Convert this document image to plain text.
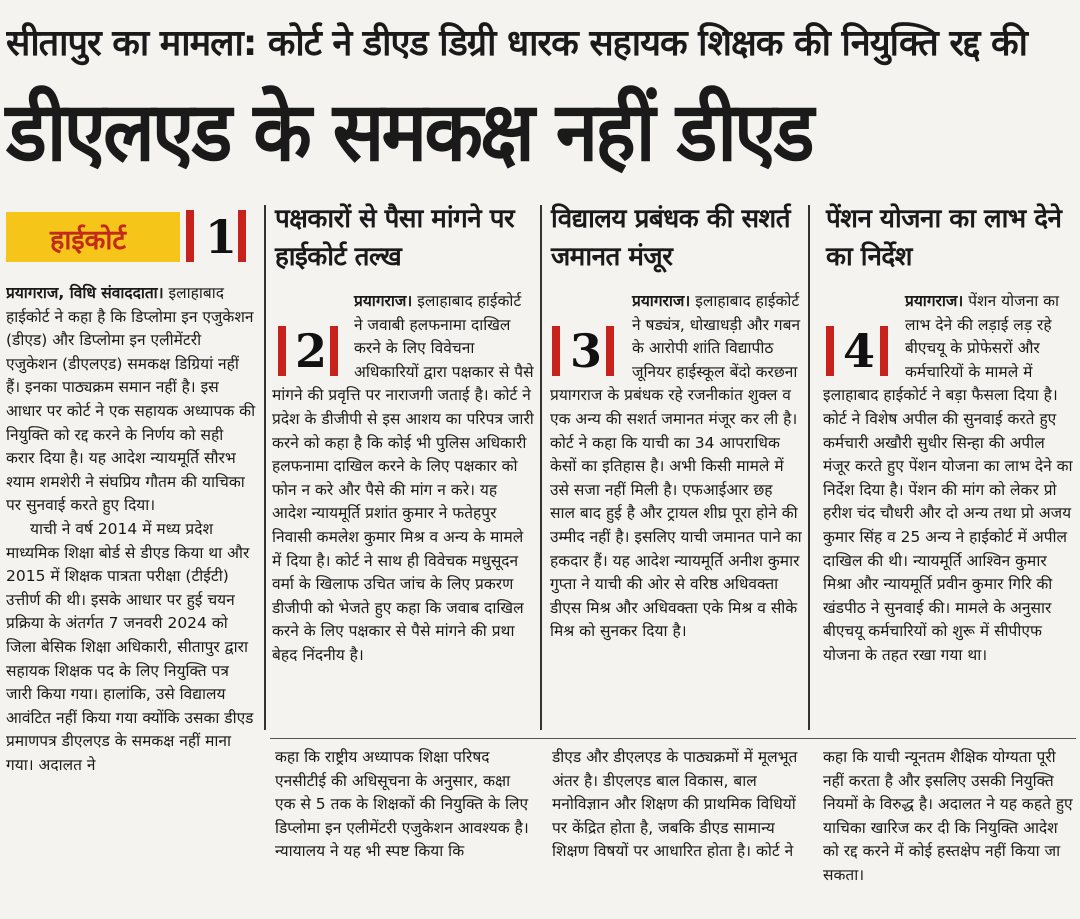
सीतापुर का मामला: कोर्ट ने डीएड डिग्री धारक सहायक शिक्षक की नियुक्ति रद्द की
डीएलएड के समकक्ष नहीं डीएड
हाईकोर्ट 1

प्रयागराज, विधि संवाददाता। इलाहाबाद हाईकोर्ट ने कहा है कि डिप्लोमा इन एजुकेशन (डीएड) और डिप्लोमा इन एलीमेंटरी एजुकेशन (डीएलएड) समकक्ष डिग्रियां नहीं हैं। इनका पाठ्यक्रम समान नहीं है। इस आधार पर कोर्ट ने एक सहायक अध्यापक की नियुक्ति को रद्द करने के निर्णय को सही करार दिया है। यह आदेश न्यायमूर्ति सौरभ श्याम शमशेरी ने संघप्रिय गौतम की याचिका पर सुनवाई करते हुए दिया।

याची ने वर्ष 2014 में मध्य प्रदेश माध्यमिक शिक्षा बोर्ड से डीएड किया था और 2015 में शिक्षक पात्रता परीक्षा (टीईटी) उत्तीर्ण की थी। इसके आधार पर हुई चयन प्रक्रिया के अंतर्गत 7 जनवरी 2024 को जिला बेसिक शिक्षा अधिकारी, सीतापुर द्वारा सहायक शिक्षक पद के लिए नियुक्ति पत्र जारी किया गया। हालांकि, उसे विद्यालय आवंटित नहीं किया गया क्योंकि उसका डीएड प्रमाणपत्र डीएलएड के समकक्ष नहीं माना गया। अदालत ने

पक्षकारों से पैसा मांगने पर हाईकोर्ट तल्ख

प्रयागराज। इलाहाबाद हाईकोर्ट ने जवाबी हलफनामा दाखिल करने के लिए विवेचना अधिकारियों द्वारा पक्षकार से पैसे मांगने की प्रवृत्ति पर नाराजगी जताई है। कोर्ट ने प्रदेश के डीजीपी से इस आशय का परिपत्र जारी करने को कहा है कि कोई भी पुलिस अधिकारी हलफनामा दाखिल करने के लिए पक्षकार को फोन न करे और पैसे की मांग न करे। यह आदेश न्यायमूर्ति प्रशांत कुमार ने फतेहपुर निवासी कमलेश कुमार मिश्र व अन्य के मामले में दिया है। कोर्ट ने साथ ही विवेचक मधुसूदन वर्मा के खिलाफ उचित जांच के लिए प्रकरण डीजीपी को भेजते हुए कहा कि जवाब दाखिल करने के लिए पक्षकार से पैसे मांगने की प्रथा बेहद निंदनीय है।

2
विद्यालय प्रबंधक की सशर्त जमानत मंजूर

प्रयागराज। इलाहाबाद हाईकोर्ट ने षड्यंत्र, धोखाधड़ी और गबन के आरोपी शांति विद्यापीठ जूनियर हाईस्कूल बेंदो करछना प्रयागराज के प्रबंधक रहे रजनीकांत शुक्ल व एक अन्य की सशर्त जमानत मंजूर कर ली है। कोर्ट ने कहा कि याची का 34 आपराधिक केसों का इतिहास है। अभी किसी मामले में उसे सजा नहीं मिली है। एफआईआर छह साल बाद हुई है और ट्रायल शीघ्र पूरा होने की उम्मीद नहीं है। इसलिए याची जमानत पाने का हकदार हैं। यह आदेश न्यायमूर्ति अनीश कुमार गुप्ता ने याची की ओर से वरिष्ठ अधिवक्ता डीएस मिश्र और अधिवक्ता एके मिश्र व सीके मिश्र को सुनकर दिया है।

3
पेंशन योजना का लाभ देने का निर्देश

प्रयागराज। पेंशन योजना का लाभ देने की लड़ाई लड़ रहे बीएचयू के प्रोफेसरों और कर्मचारियों के मामले में इलाहाबाद हाईकोर्ट ने बड़ा फैसला दिया है। कोर्ट ने विशेष अपील की सुनवाई करते हुए कर्मचारी अखौरी सुधीर सिन्हा की अपील मंजूर करते हुए पेंशन योजना का लाभ देने का निर्देश दिया है। पेंशन की मांग को लेकर प्रो हरीश चंद चौधरी और दो अन्य तथा प्रो अजय कुमार सिंह व 25 अन्य ने हाईकोर्ट में अपील दाखिल की थी। न्यायमूर्ति आश्विन कुमार मिश्रा और न्यायमूर्ति प्रवीन कुमार गिरि की खंडपीठ ने सुनवाई की। मामले के अनुसार बीएचयू कर्मचारियों को शुरू में सीपीएफ योजना के तहत रखा गया था।

4
कहा कि राष्ट्रीय अध्यापक शिक्षा परिषद एनसीटीई की अधिसूचना के अनुसार, कक्षा एक से 5 तक के शिक्षकों की नियुक्ति के लिए डिप्लोमा इन एलीमेंटरी एजुकेशन आवश्यक है। न्यायालय ने यह भी स्पष्ट किया कि
डीएड और डीएलएड के पाठ्यक्रमों में मूलभूत अंतर है। डीएलएड बाल विकास, बाल मनोविज्ञान और शिक्षण की प्राथमिक विधियों पर केंद्रित होता है, जबकि डीएड सामान्य शिक्षण विषयों पर आधारित होता है। कोर्ट ने
कहा कि याची न्यूनतम शैक्षिक योग्यता पूरी नहीं करता है और इसलिए उसकी नियुक्ति नियमों के विरुद्ध है। अदालत ने यह कहते हुए याचिका खारिज कर दी कि नियुक्ति आदेश को रद्द करने में कोई हस्तक्षेप नहीं किया जा सकता।
